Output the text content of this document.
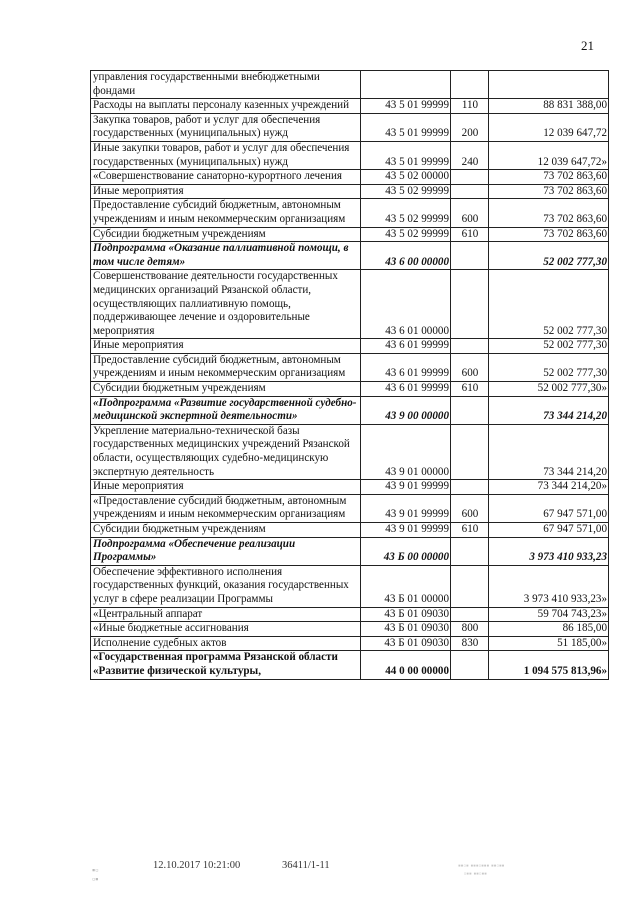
21
управления государственными внебюджетными фондами			
Расходы на выплаты персоналу казенных учреждений	43 5 01 99999	110	88 831 388,00
Закупка товаров, работ и услуг для обеспечения государственных (муниципальных) нужд	43 5 01 99999	200	12 039 647,72
Иные закупки товаров, работ и услуг для обеспечения государственных (муниципальных) нужд	43 5 01 99999	240	12 039 647,72»
«Совершенствование санаторно-курортного лечения	43 5 02 00000		73 702 863,60
Иные мероприятия	43 5 02 99999		73 702 863,60
Предоставление субсидий бюджетным, автономным учреждениям и иным некоммерческим организациям	43 5 02 99999	600	73 702 863,60
Субсидии бюджетным учреждениям	43 5 02 99999	610	73 702 863,60
Подпрограмма «Оказание паллиативной помощи, в том числе детям»	43 6 00 00000		52 002 777,30
Совершенствование деятельности государственных медицинских организаций Рязанской области, осуществляющих паллиативную помощь, поддерживающее лечение и оздоровительные мероприятия	43 6 01 00000		52 002 777,30
Иные мероприятия	43 6 01 99999		52 002 777,30
Предоставление субсидий бюджетным, автономным учреждениям и иным некоммерческим организациям	43 6 01 99999	600	52 002 777,30
Субсидии бюджетным учреждениям	43 6 01 99999	610	52 002 777,30»
«Подпрограмма «Развитие государственной судебно-медицинской экспертной деятельности»	43 9 00 00000		73 344 214,20
Укрепление материально-технической базы государственных медицинских учреждений Рязанской области, осуществляющих судебно-медицинскую экспертную деятельность	43 9 01 00000		73 344 214,20
Иные мероприятия	43 9 01 99999		73 344 214,20»
«Предоставление субсидий бюджетным, автономным учреждениям и иным некоммерческим организациям	43 9 01 99999	600	67 947 571,00
Субсидии бюджетным учреждениям	43 9 01 99999	610	67 947 571,00
Подпрограмма «Обеспечение реализации Программы»	43 Б 00 00000		3 973 410 933,23
Обеспечение эффективного исполнения государственных функций, оказания государственных услуг в сфере реализации Программы	43 Б 01 00000		3 973 410 933,23»
«Центральный аппарат	43 Б 01 09030		59 704 743,23»
«Иные бюджетные ассигнования	43 Б 01 09030	800	86 185,00
Исполнение судебных актов	43 Б 01 09030	830	51 185,00»
«Государственная программа Рязанской области «Развитие физической культуры,	44 0 00 00000		1 094 575 813,96»
▪▫
▫▪
▪▪▫▪ ▪▪▪▫▪▪▪ ▪▪▫▪▪
▫▪▪ ▪▪▫▪▪
12.10.2017 10:21:00	36411/1-11
